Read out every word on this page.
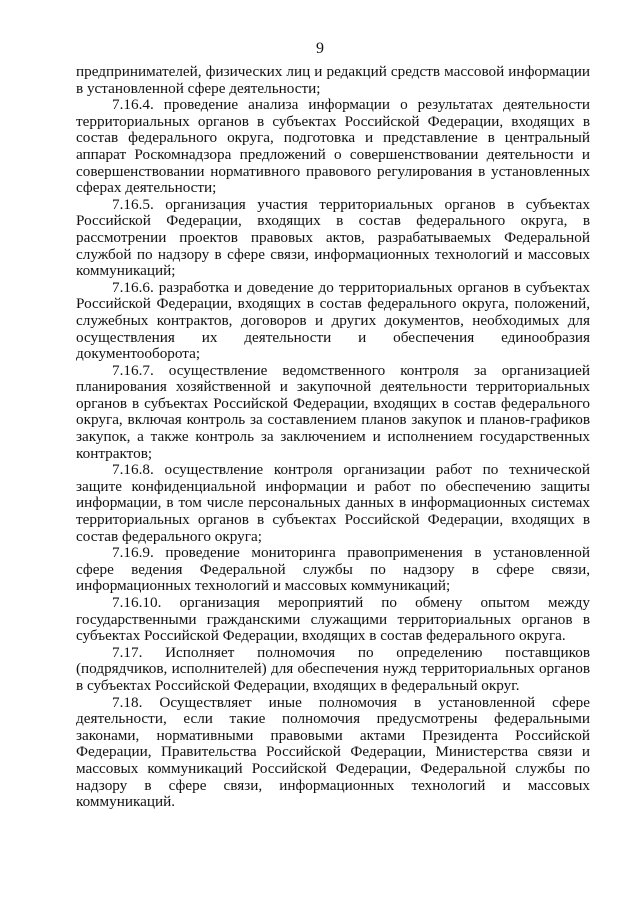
9

предпринимателей, физических лиц и редакций средств массовой информации в установленной сфере деятельности;

7.16.4. проведение анализа информации о результатах деятельности территориальных органов в субъектах Российской Федерации, входящих в состав федерального округа, подготовка и представление в центральный аппарат Роскомнадзора предложений о совершенствовании деятельности и совершенствовании нормативного правового регулирования в установленных сферах деятельности;

7.16.5. организация участия территориальных органов в субъектах Российской Федерации, входящих в состав федерального округа, в рассмотрении проектов правовых актов, разрабатываемых Федеральной службой по надзору в сфере связи, информационных технологий и массовых коммуникаций;

7.16.6. разработка и доведение до территориальных органов в субъектах Российской Федерации, входящих в состав федерального округа, положений, служебных контрактов, договоров и других документов, необходимых для осуществления их деятельности и обеспечения единообразия документооборота;

7.16.7. осуществление ведомственного контроля за организацией планирования хозяйственной и закупочной деятельности территориальных органов в субъектах Российской Федерации, входящих в состав федерального округа, включая контроль за составлением планов закупок и планов-графиков закупок, а также контроль за заключением и исполнением государственных контрактов;

7.16.8. осуществление контроля организации работ по технической защите конфиденциальной информации и работ по обеспечению защиты информации, в том числе персональных данных в информационных системах территориальных органов в субъектах Российской Федерации, входящих в состав федерального округа;

7.16.9. проведение мониторинга правоприменения в установленной сфере ведения Федеральной службы по надзору в сфере связи, информационных технологий и массовых коммуникаций;

7.16.10. организация мероприятий по обмену опытом между государственными гражданскими служащими территориальных органов в субъектах Российской Федерации, входящих в состав федерального округа.

7.17. Исполняет полномочия по определению поставщиков (подрядчиков, исполнителей) для обеспечения нужд территориальных органов в субъектах Российской Федерации, входящих в федеральный округ.

7.18. Осуществляет иные полномочия в установленной сфере деятельности, если такие полномочия предусмотрены федеральными законами, нормативными правовыми актами Президента Российской Федерации, Правительства Российской Федерации, Министерства связи и массовых коммуникаций Российской Федерации, Федеральной службы по надзору в сфере связи, информационных технологий и массовых коммуникаций.
